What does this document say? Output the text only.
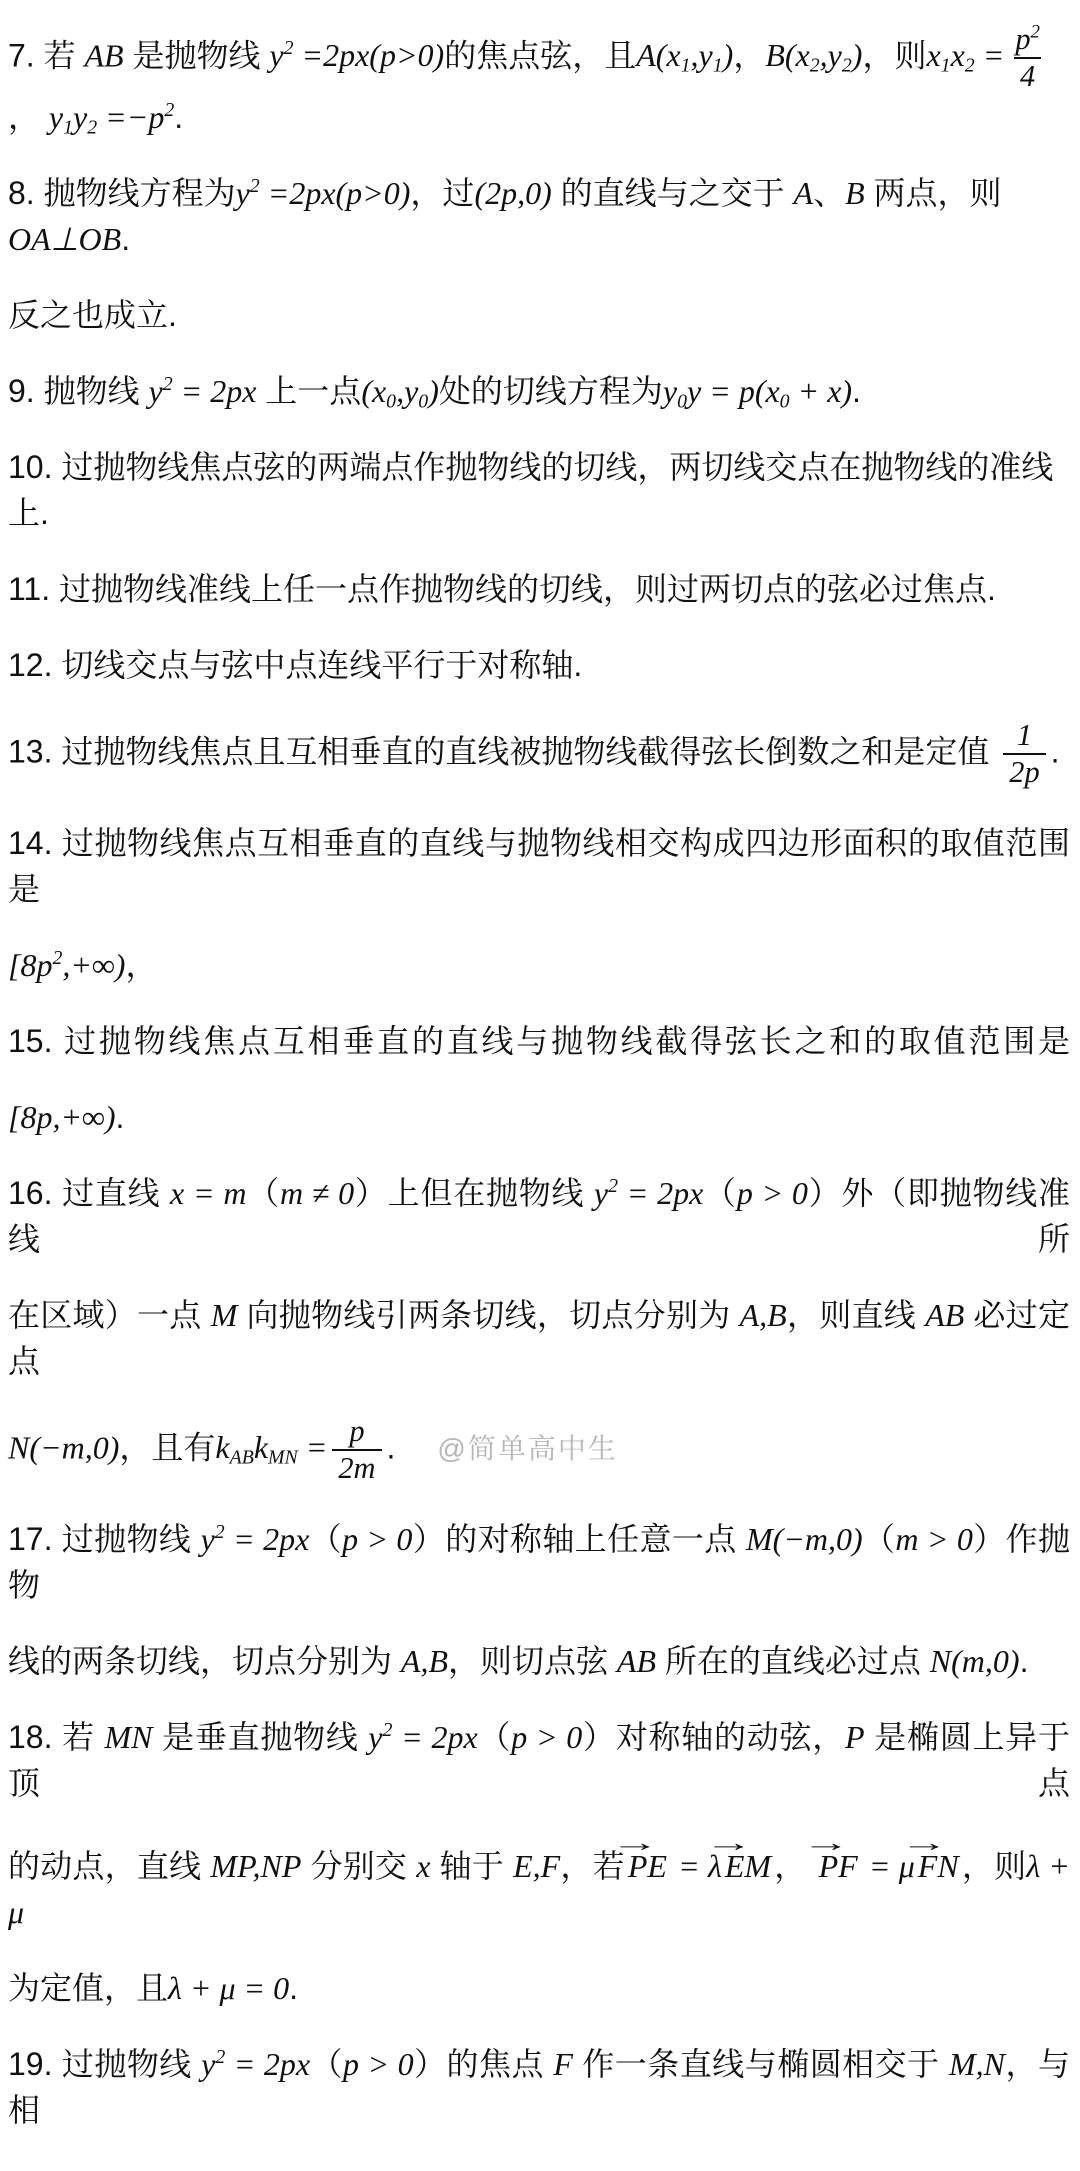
7. 若 AB 是抛物线 $y^2 =2px(p>0)$的焦点弦，且$A(x_1,y_1)$，$B(x_2,y_2)$，则$x_1x_2 = \frac{p^2}{4}$
， $y_1y_2 =-p^2$.
8. 抛物线方程为$y^2 =2px(p>0)$，过(2p,0) 的直线与之交于 A、B 两点，则OA⊥OB.
反之也成立.
9. 抛物线 $y^2 = 2px$ 上一点$(x_0,y_0)$处的切线方程为$y_0y = p(x_0 + x)$.
10. 过抛物线焦点弦的两端点作抛物线的切线，两切线交点在抛物线的准线上.
11. 过抛物线准线上任一点作抛物线的切线，则过两切点的弦必过焦点.
12. 切线交点与弦中点连线平行于对称轴.
13. 过抛物线焦点且互相垂直的直线被抛物线截得弦长倒数之和是定值 $\frac{1}{2p}$ .
14. 过抛物线焦点互相垂直的直线与抛物线相交构成四边形面积的取值范围是
$[8p^2,+\infty)$，
15. 过抛物线焦点互相垂直的直线与抛物线截得弦长之和的取值范围是
[8p,+∞).
16. 过直线 x = m（m ≠ 0）上但在抛物线 $y^2 = 2px(p > 0)$外（即抛物线准线所
在区域）一点 M 向抛物线引两条切线，切点分别为 A,B，则直线 AB 必过定点
N(−m,0)，且有$k_{AB}k_{MN} = \frac{p}{2m}$ . @简单高中生
17. 过抛物线 $y^2 = 2px(p > 0)$的对称轴上任意一点 M(−m,0)（m > 0）作抛物
线的两条切线，切点分别为 A,B，则切点弦 AB 所在的直线必过点 N(m,0).
18. 若 MN 是垂直抛物线 $y^2 = 2px(p > 0)$对称轴的动弦，P 是椭圆上异于顶点
的动点，直线 MP,NP 分别交 x 轴于 E,F，若
→
PE = λ
→
EM ，
→
PF = μ
→
FN ，则λ + μ
为定值，且λ + μ = 0.
19. 过抛物线 $y^2 = 2px(p > 0)$的焦点 F 作一条直线与椭圆相交于 M,N，与相
